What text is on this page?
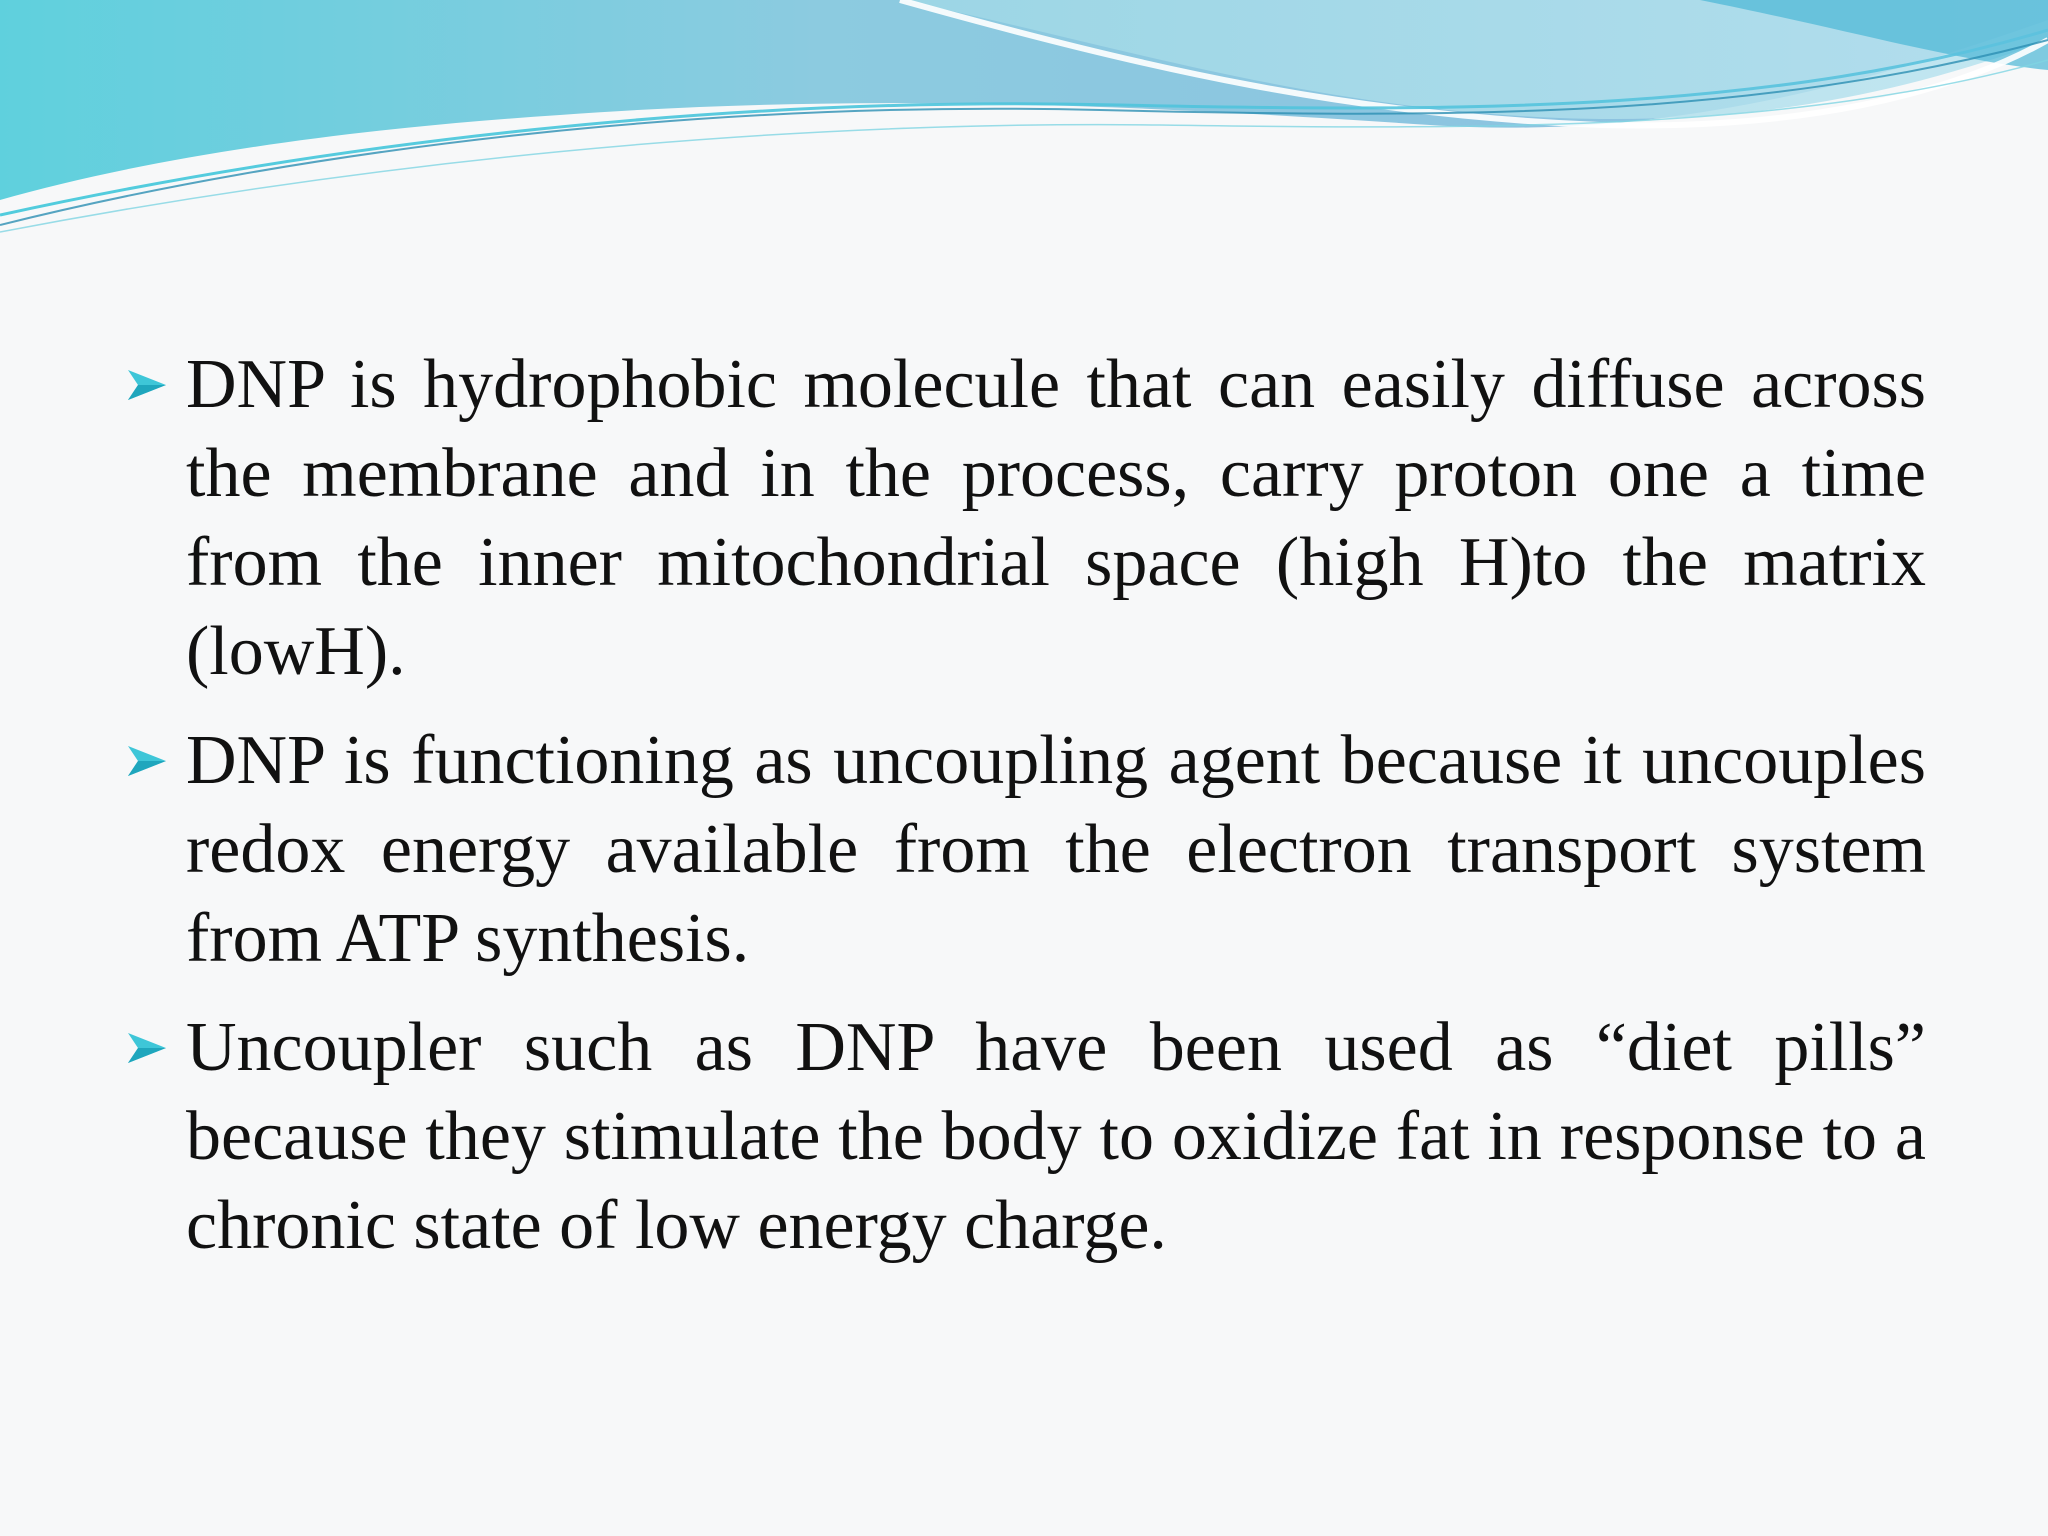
DNP is hydrophobic molecule that can easily diffuse across the membrane and in the process, carry proton one a time from the inner mitochondrial space (high H)to the matrix (lowH).

DNP is functioning as uncoupling agent because it uncouples redox energy available from the electron transport system from ATP synthesis.

Uncoupler such as DNP have been used as “diet pills” because they stimulate the body to oxidize fat in response to a chronic state of low energy charge.
